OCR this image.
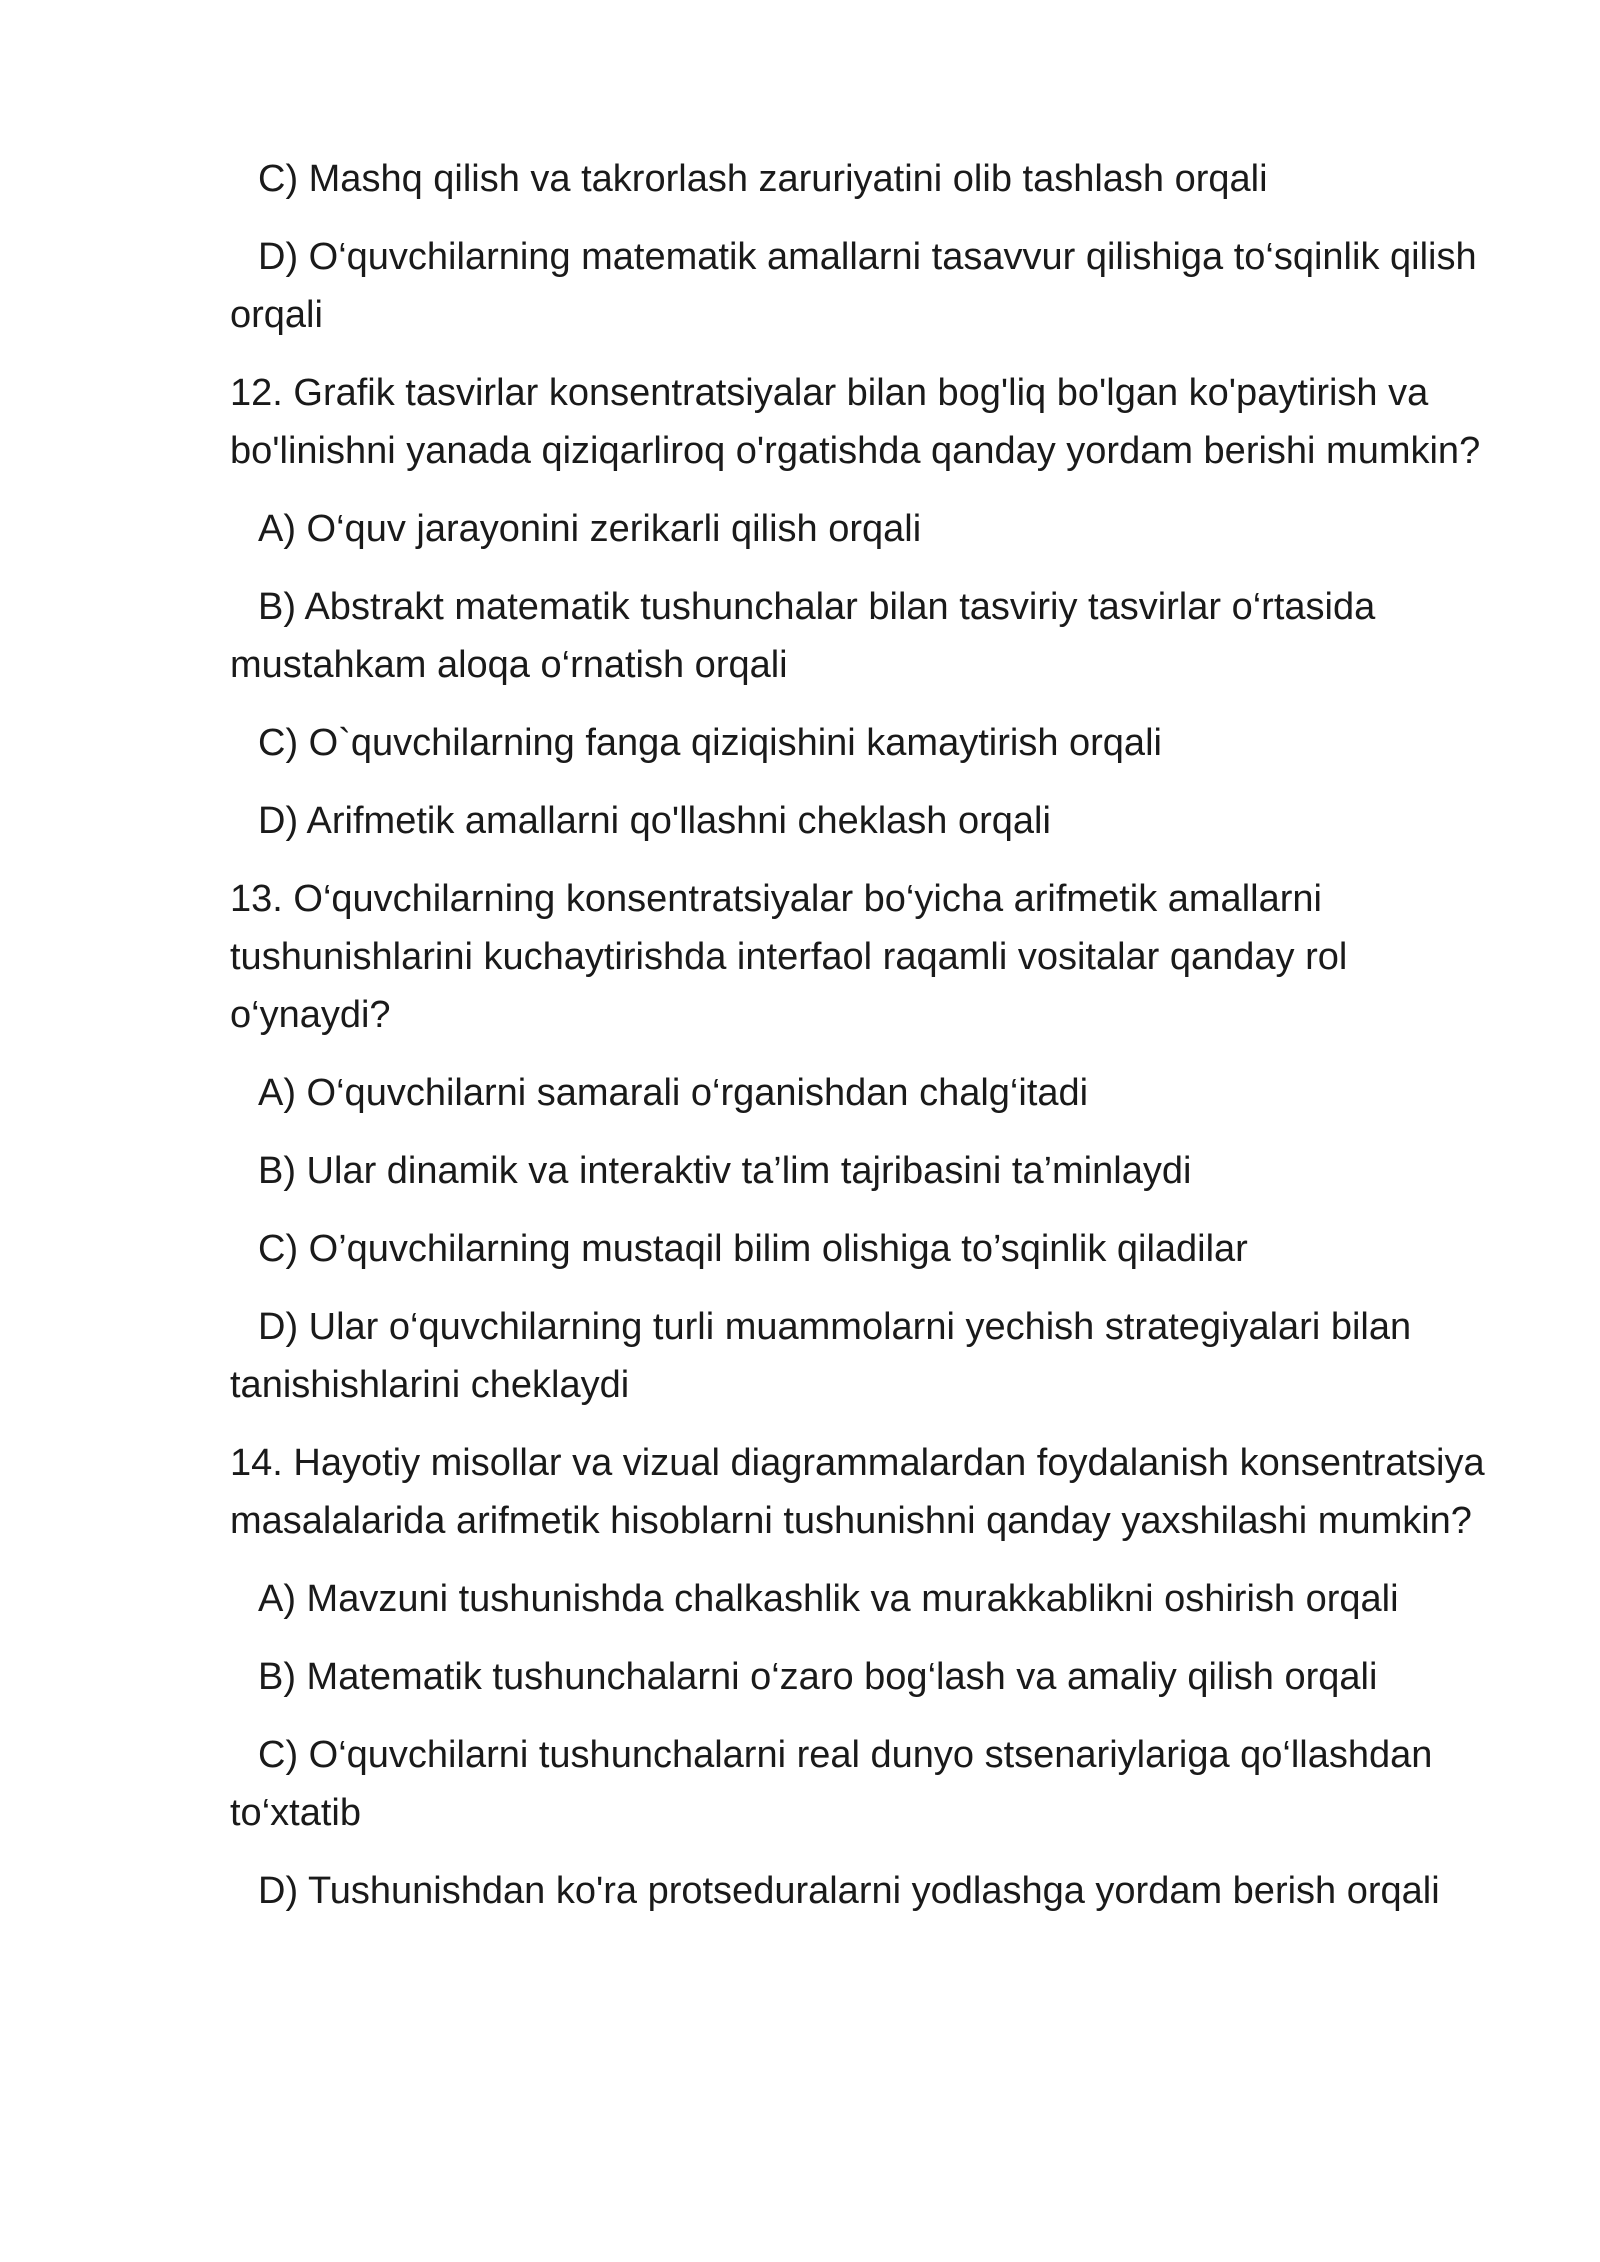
C) Mashq qilish va takrorlash zaruriyatini olib tashlash orqali

D) O‘quvchilarning matematik amallarni tasavvur qilishiga to‘sqinlik qilish orqali

12. Grafik tasvirlar konsentratsiyalar bilan bog'liq bo'lgan ko'paytirish va bo'linishni yanada qiziqarliroq o'rgatishda qanday yordam berishi mumkin?

A) O‘quv jarayonini zerikarli qilish orqali

B) Abstrakt matematik tushunchalar bilan tasviriy tasvirlar o‘rtasida mustahkam aloqa o‘rnatish orqali

C) O`quvchilarning fanga qiziqishini kamaytirish orqali

D) Arifmetik amallarni qo'llashni cheklash orqali

13. O‘quvchilarning konsentratsiyalar bo‘yicha arifmetik amallarni tushunishlarini kuchaytirishda interfaol raqamli vositalar qanday rol o‘ynaydi?

A) O‘quvchilarni samarali o‘rganishdan chalg‘itadi

B) Ular dinamik va interaktiv ta’lim tajribasini ta’minlaydi

C) O’quvchilarning mustaqil bilim olishiga to’sqinlik qiladilar

D) Ular o‘quvchilarning turli muammolarni yechish strategiyalari bilan tanishishlarini cheklaydi

14. Hayotiy misollar va vizual diagrammalardan foydalanish konsentratsiya masalalarida arifmetik hisoblarni tushunishni qanday yaxshilashi mumkin?

A) Mavzuni tushunishda chalkashlik va murakkablikni oshirish orqali

B) Matematik tushunchalarni o‘zaro bog‘lash va amaliy qilish orqali

C) O‘quvchilarni tushunchalarni real dunyo stsenariylariga qo‘llashdan to‘xtatib

D) Tushunishdan ko'ra protseduralarni yodlashga yordam berish orqali
